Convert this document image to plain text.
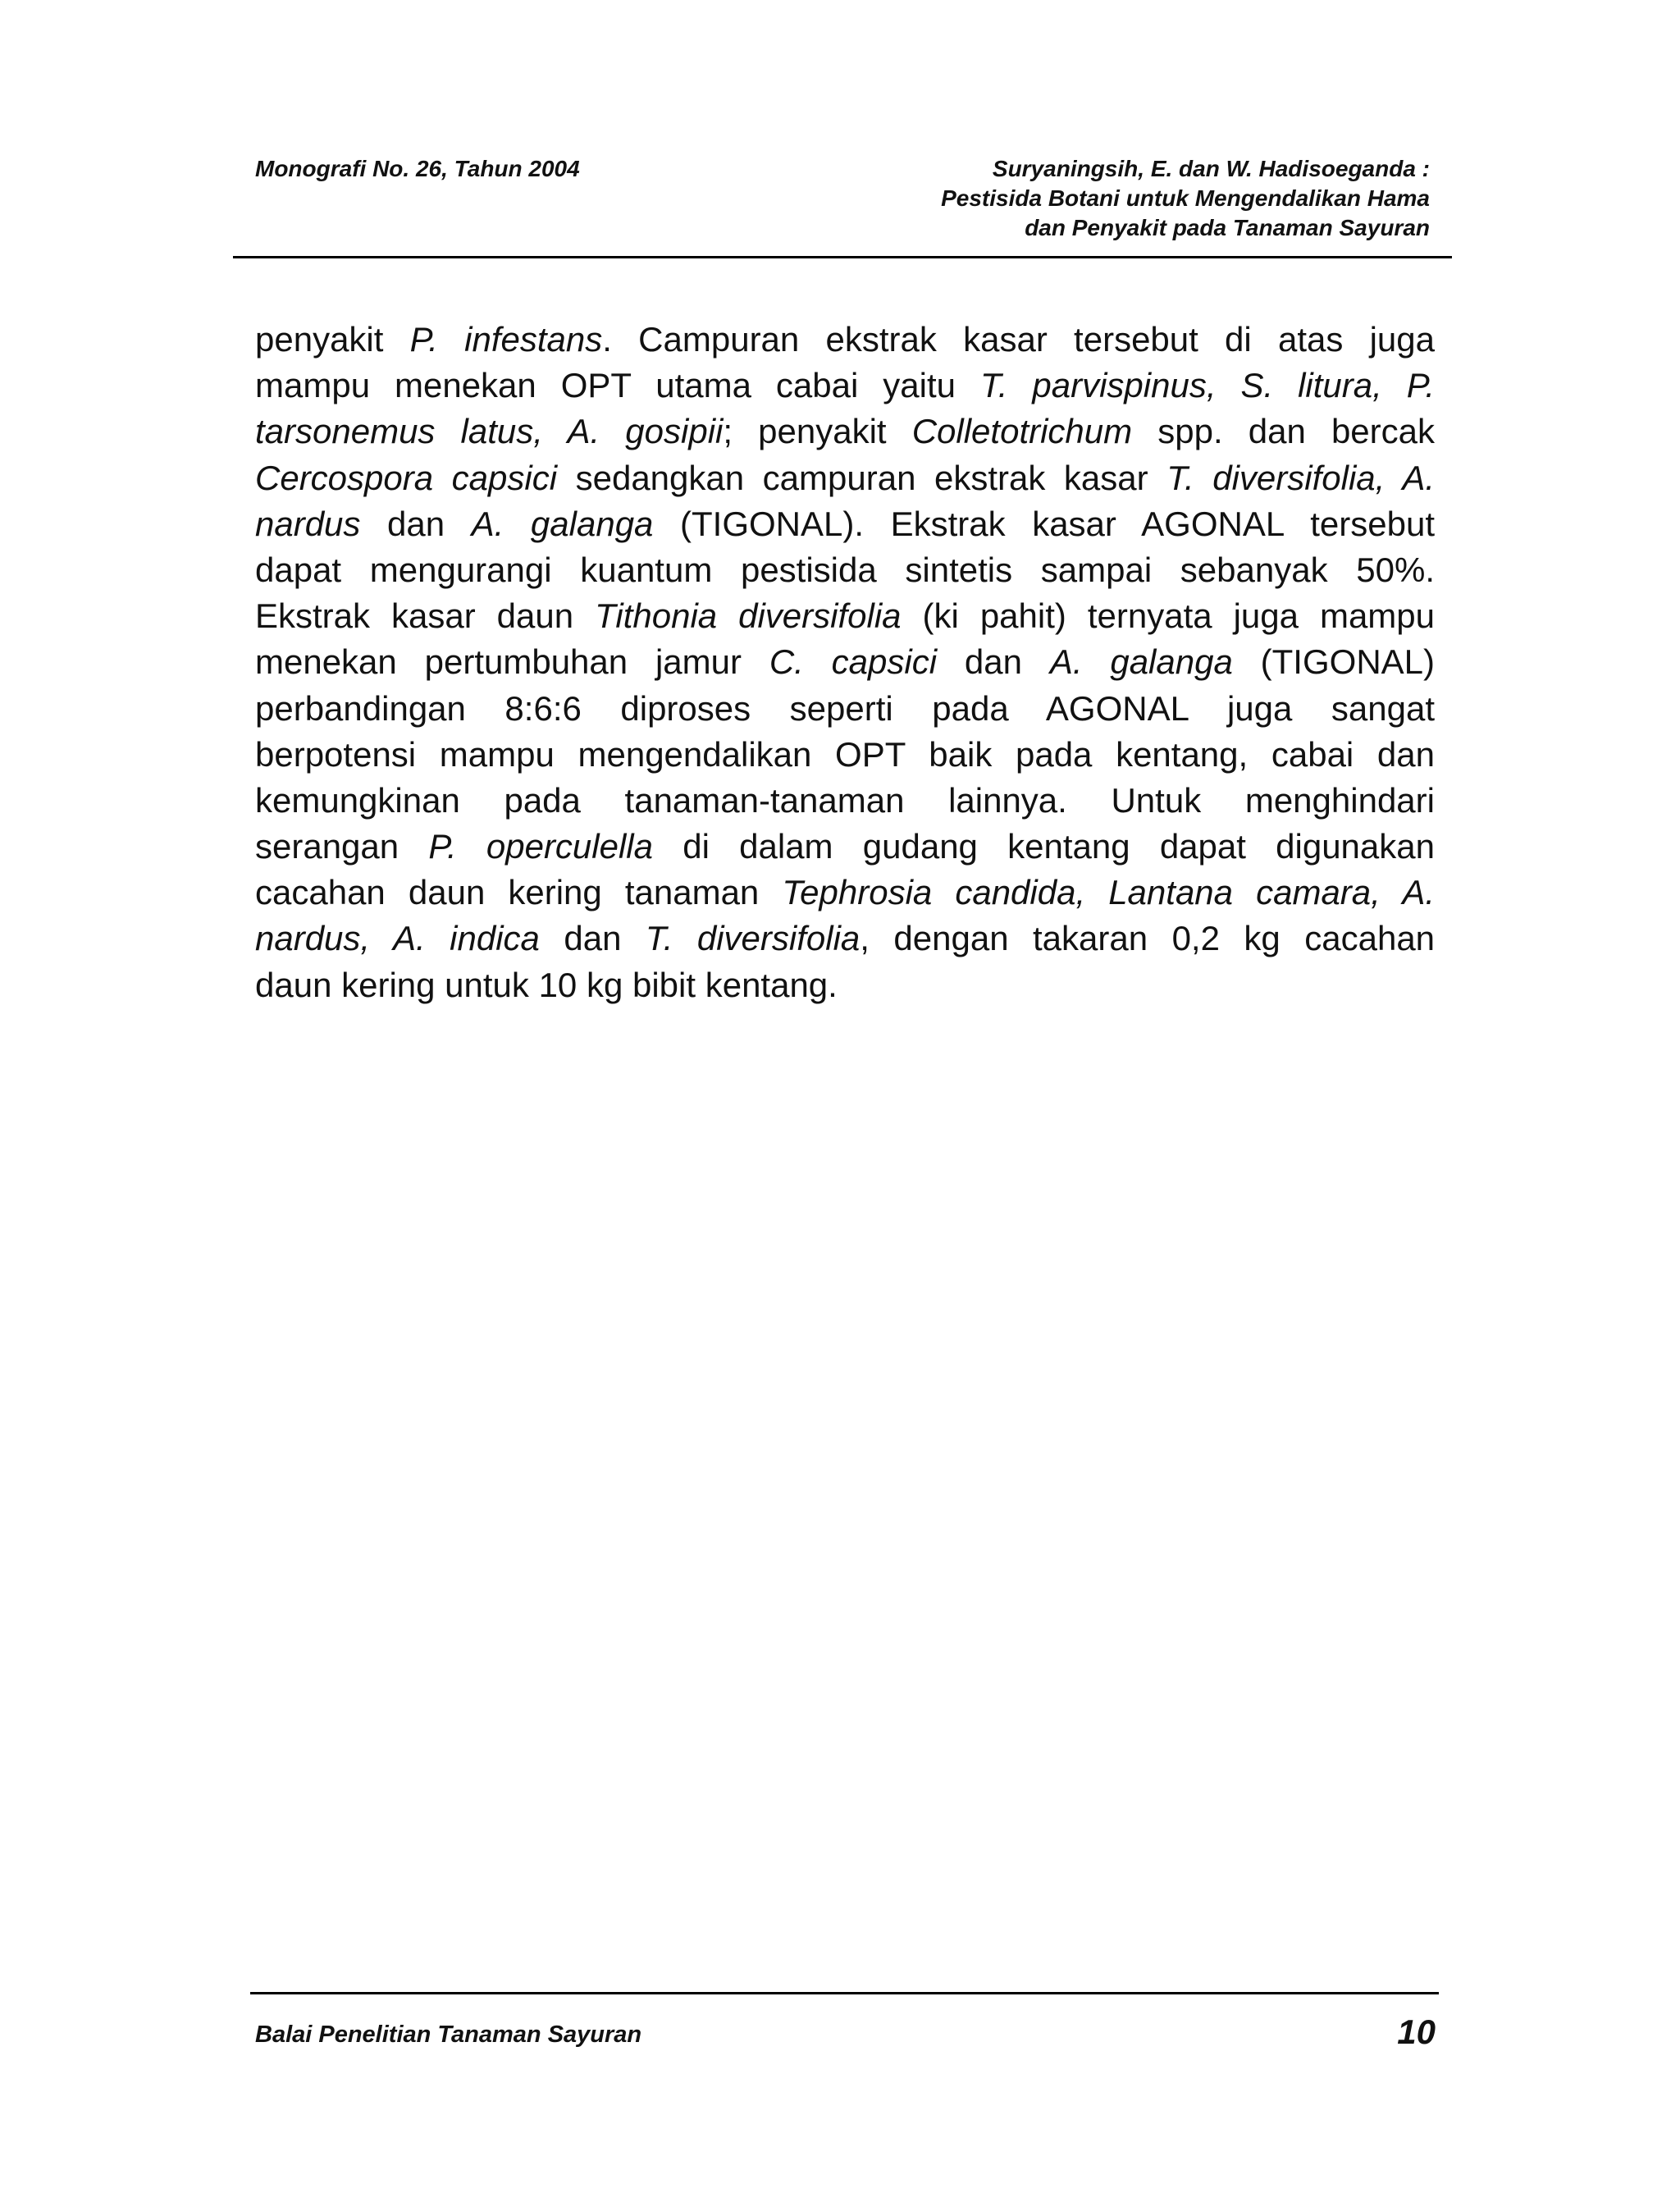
Monografi No. 26, Tahun 2004	Suryaningsih, E. dan W. Hadisoeganda :
Pestisida Botani untuk Mengendalikan Hama
dan Penyakit pada Tanaman Sayuran
penyakit P. infestans. Campuran ekstrak kasar tersebut di atas juga
mampu menekan OPT utama cabai yaitu T. parvispinus, S. litura, P.
tarsonemus latus, A. gosipii; penyakit Colletotrichum spp. dan bercak
Cercospora capsici sedangkan campuran ekstrak kasar T. diversifolia, A.
nardus dan A. galanga (TIGONAL). Ekstrak kasar AGONAL tersebut
dapat mengurangi kuantum pestisida sintetis sampai sebanyak 50%.
Ekstrak kasar daun Tithonia diversifolia (ki pahit) ternyata juga mampu
menekan pertumbuhan jamur C. capsici dan A. galanga (TIGONAL)
perbandingan 8:6:6 diproses seperti pada AGONAL juga sangat
berpotensi mampu mengendalikan OPT baik pada kentang, cabai dan
kemungkinan pada tanaman-tanaman lainnya. Untuk menghindari
serangan P. operculella di dalam gudang kentang dapat digunakan
cacahan daun kering tanaman Tephrosia candida, Lantana camara, A.
nardus, A. indica dan T. diversifolia, dengan takaran 0,2 kg cacahan
daun kering untuk 10 kg bibit kentang.
Balai Penelitian Tanaman Sayuran	10
